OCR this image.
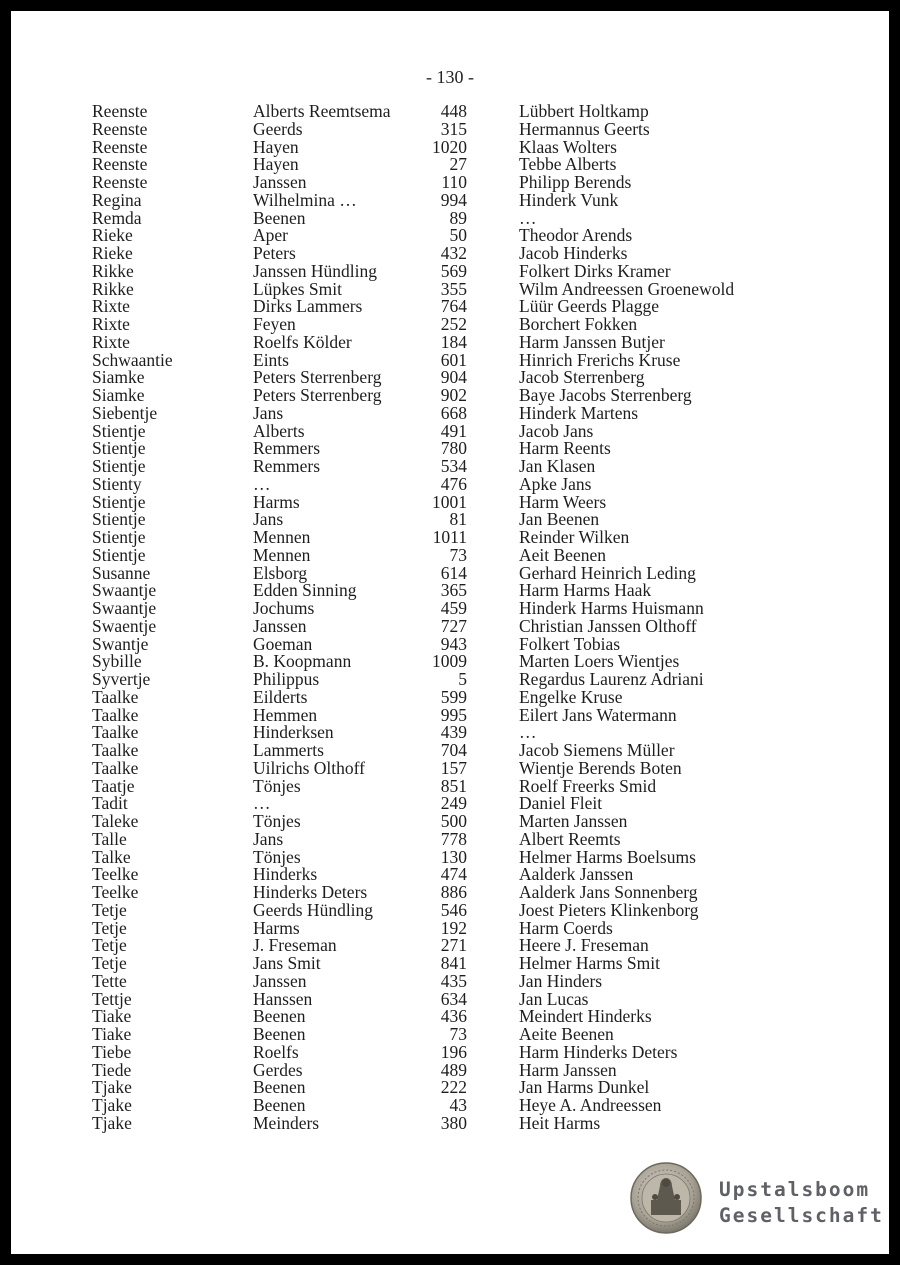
- 130 -
Reenste	Alberts Reemtsema	448	Lübbert Holtkamp
Reenste	Geerds	315	Hermannus Geerts
Reenste	Hayen	1020	Klaas Wolters
Reenste	Hayen	27	Tebbe Alberts
Reenste	Janssen	110	Philipp Berends
Regina	Wilhelmina …	994	Hinderk Vunk
Remda	Beenen	89	…
Rieke	Aper	50	Theodor Arends
Rieke	Peters	432	Jacob Hinderks
Rikke	Janssen Hündling	569	Folkert Dirks Kramer
Rikke	Lüpkes Smit	355	Wilm Andreessen Groenewold
Rixte	Dirks Lammers	764	Lüür Geerds Plagge
Rixte	Feyen	252	Borchert Fokken
Rixte	Roelfs Kölder	184	Harm Janssen Butjer
Schwaantie	Eints	601	Hinrich Frerichs Kruse
Siamke	Peters Sterrenberg	904	Jacob Sterrenberg
Siamke	Peters Sterrenberg	902	Baye Jacobs Sterrenberg
Siebentje	Jans	668	Hinderk Martens
Stientje	Alberts	491	Jacob Jans
Stientje	Remmers	780	Harm Reents
Stientje	Remmers	534	Jan Klasen
Stienty	…	476	Apke Jans
Stientje	Harms	1001	Harm Weers
Stientje	Jans	81	Jan Beenen
Stientje	Mennen	1011	Reinder Wilken
Stientje	Mennen	73	Aeit Beenen
Susanne	Elsborg	614	Gerhard Heinrich Leding
Swaantje	Edden Sinning	365	Harm Harms Haak
Swaantje	Jochums	459	Hinderk Harms Huismann
Swaentje	Janssen	727	Christian Janssen Olthoff
Swantje	Goeman	943	Folkert Tobias
Sybille	B. Koopmann	1009	Marten Loers Wientjes
Syvertje	Philippus	5	Regardus Laurenz Adriani
Taalke	Eilderts	599	Engelke Kruse
Taalke	Hemmen	995	Eilert Jans Watermann
Taalke	Hinderksen	439	…
Taalke	Lammerts	704	Jacob Siemens Müller
Taalke	Uilrichs Olthoff	157	Wientje Berends Boten
Taatje	Tönjes	851	Roelf Freerks Smid
Tadit	…	249	Daniel Fleit
Taleke	Tönjes	500	Marten Janssen
Talle	Jans	778	Albert Reemts
Talke	Tönjes	130	Helmer Harms Boelsums
Teelke	Hinderks	474	Aalderk Janssen
Teelke	Hinderks Deters	886	Aalderk Jans Sonnenberg
Tetje	Geerds Hündling	546	Joest Pieters Klinkenborg
Tetje	Harms	192	Harm Coerds
Tetje	J. Freseman	271	Heere J. Freseman
Tetje	Jans Smit	841	Helmer Harms Smit
Tette	Janssen	435	Jan Hinders
Tettje	Hanssen	634	Jan Lucas
Tiake	Beenen	436	Meindert Hinderks
Tiake	Beenen	73	Aeite Beenen
Tiebe	Roelfs	196	Harm Hinderks Deters
Tiede	Gerdes	489	Harm Janssen
Tjake	Beenen	222	Jan Harms Dunkel
Tjake	Beenen	43	Heye A. Andreessen
Tjake	Meinders	380	Heit Harms
Upstalsboom
Gesellschaft
